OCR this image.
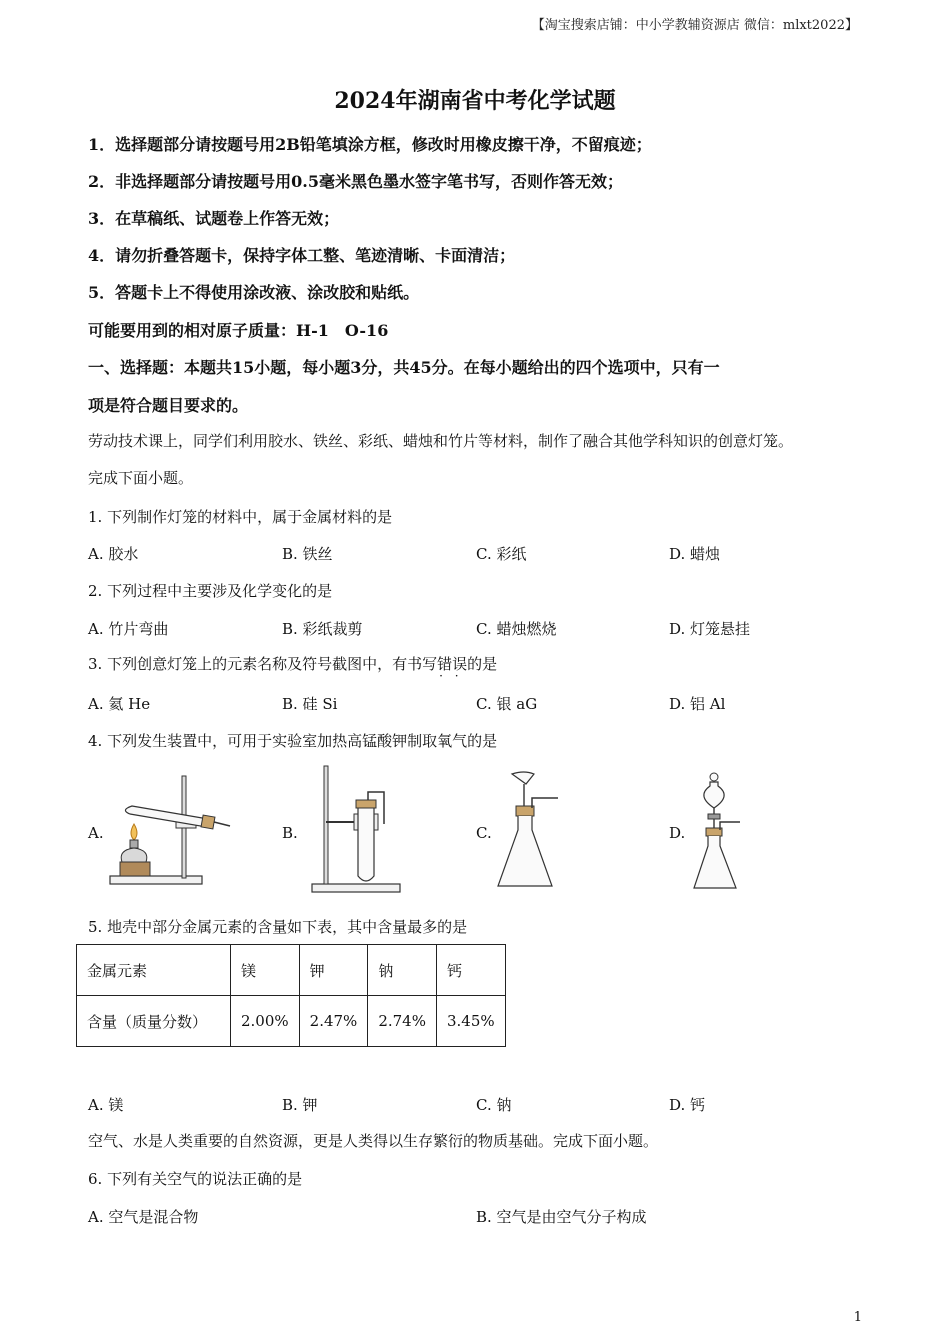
【淘宝搜索店铺：中小学教辅资源店 微信：mlxt2022】
2024年湖南省中考化学试题
1．选择题部分请按题号用2B铅笔填涂方框，修改时用橡皮擦干净，不留痕迹；
2．非选择题部分请按题号用0.5毫米黑色墨水签字笔书写，否则作答无效；
3．在草稿纸、试题卷上作答无效；
4．请勿折叠答题卡，保持字体工整、笔迹清晰、卡面清洁；
5．答题卡上不得使用涂改液、涂改胶和贴纸。
可能要用到的相对原子质量：H-1　O-16
一、选择题：本题共15小题，每小题3分，共45分。在每小题给出的四个选项中，只有一
项是符合题目要求的。
劳动技术课上，同学们利用胶水、铁丝、彩纸、蜡烛和竹片等材料，制作了融合其他学科知识的创意灯笼。
完成下面小题。
1. 下列制作灯笼的材料中，属于金属材料的是
A. 胶水	B. 铁丝	C. 彩纸	D. 蜡烛
2. 下列过程中主要涉及化学变化的是
A. 竹片弯曲	B. 彩纸裁剪	C. 蜡烛燃烧	D. 灯笼悬挂
3. 下列创意灯笼上的元素名称及符号截图中，有书写错误 · ·的是
A. 氦 He	B. 硅 Si	C. 银 aG	D. 铝 Al
4. 下列发生装置中，可用于实验室加热高锰酸钾制取氧气的是
A.	B.	C.	D.
5. 地壳中部分金属元素的含量如下表，其中含量最多的是
金属元素	镁	钾	钠	钙
含量（质量分数）	2.00%	2.47%	2.74%	3.45%
A. 镁	B. 钾	C. 钠	D. 钙
空气、水是人类重要的自然资源，更是人类得以生存繁衍的物质基础。完成下面小题。
6. 下列有关空气的说法正确的是
A. 空气是混合物	B. 空气是由空气分子构成
1
